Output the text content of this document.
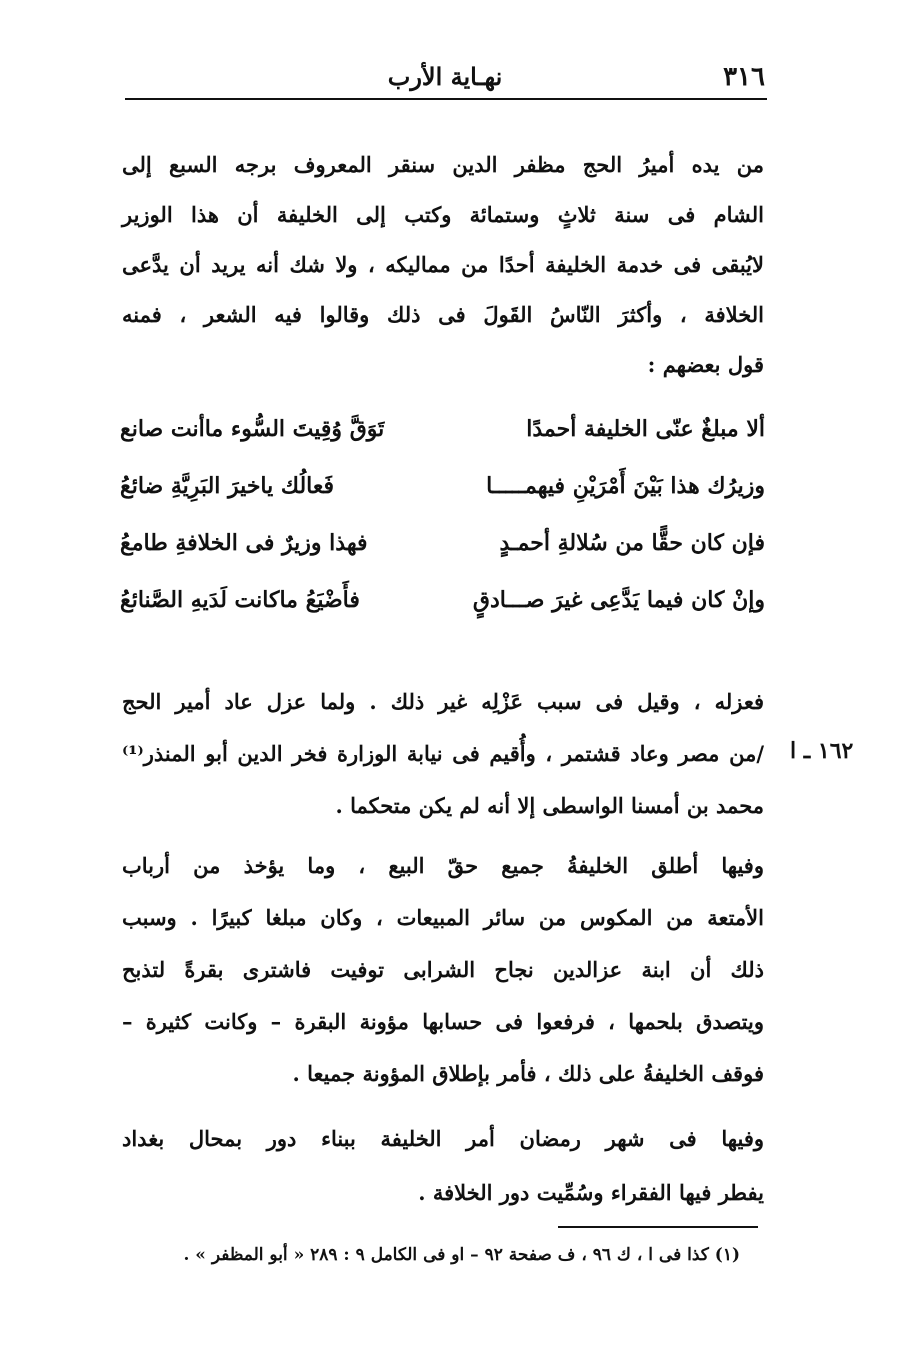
٣١٦
نهـاية الأرب
من يده أميرُ الحج مظفر الدين سنقر المعروف برجه السبع إلى
الشام فى سنة ثلاثٍ وستمائة وكتب إلى الخليفة أن هذا الوزير
لايُبقى فى خدمة الخليفة أحدًا من مماليكه ، ولا شك أنه يريد أن يدَّعى
الخلافة ، وأكثرَ النّاسُ القَولَ فى ذلك وقالوا فيه الشعر ، فمنه
قول بعضهم :
ألا مبلغٌ عنّى الخليفة أحمدًا
تَوَقَّ وُقِيتَ السُّوء ماأنت صانع
وزيرُك هذا بَيْنَ أَمْرَيْنِ فيهمـــــا
فَعالُك ياخيرَ البَرِيَّةِ ضائعُ
فإن كان حقًّا من سُلالةِ أحمـدٍ
فهذا وزيرٌ فى الخلافةِ طامعُ
وإنْ كان فيما يَدَّعِى غيرَ صـــادقٍ
فأَضْيَعُ ماكانت لَدَيهِ الصَّنائعُ
فعزله ، وقيل فى سبب عَزْلِه غير ذلك . ولما عزل عاد أمير الحج
/من مصر وعاد قشتمر ، وأُقيم فى نيابة الوزارة فخر الدين أبو المنذر⁽¹⁾
محمد بن أمسنا الواسطى إلا أنه لم يكن متحكما .
١٦٢ ـ ا
وفيها أطلق الخليفةُ جميع حقّ البيع ، وما يؤخذ من أرباب
الأمتعة من المكوس من سائر المبيعات ، وكان مبلغا كبيرًا . وسبب
ذلك أن ابنة عزالدين نجاح الشرابى توفيت فاشترى بقرةً لتذبح
ويتصدق بلحمها ، فرفعوا فى حسابها مؤونة البقرة – وكانت كثيرة –
فوقف الخليفةُ على ذلك ، فأمر بإطلاق المؤونة جميعا .
وفيها فى شهر رمضان أمر الخليفة ببناء دور بمحال بغداد
يفطر فيها الفقراء وسُمِّيت دور الخلافة .
(١) كذا فى ا ، ك ٩٦ ، ف صفحة ٩٢ – او فى الكامل ٩ : ٢٨٩ « أبو المظفر » .
